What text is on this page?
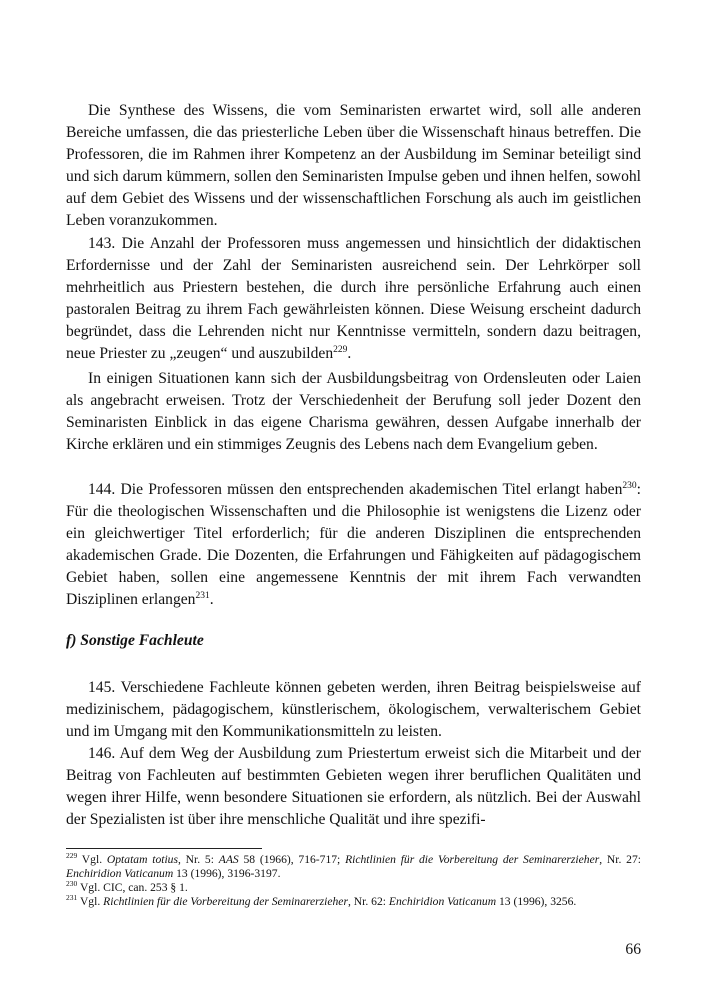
Die Synthese des Wissens, die vom Seminaristen erwartet wird, soll alle anderen Bereiche umfassen, die das priesterliche Leben über die Wissenschaft hinaus betreffen. Die Professoren, die im Rahmen ihrer Kompetenz an der Ausbildung im Seminar beteiligt sind und sich darum kümmern, sollen den Seminaristen Impulse geben und ihnen helfen, sowohl auf dem Gebiet des Wissens und der wissenschaftlichen Forschung als auch im geistlichen Leben voranzukommen.

143. Die Anzahl der Professoren muss angemessen und hinsichtlich der didaktischen Erfordernisse und der Zahl der Seminaristen ausreichend sein. Der Lehrkörper soll mehrheitlich aus Priestern bestehen, die durch ihre persönliche Erfahrung auch einen pastoralen Beitrag zu ihrem Fach gewährleisten können. Diese Weisung erscheint dadurch begründet, dass die Lehrenden nicht nur Kenntnisse vermitteln, sondern dazu beitragen, neue Priester zu „zeugen“ und auszubilden$^{229}$.

In einigen Situationen kann sich der Ausbildungsbeitrag von Ordensleuten oder Laien als angebracht erweisen. Trotz der Verschiedenheit der Berufung soll jeder Dozent den Seminaristen Einblick in das eigene Charisma gewähren, dessen Aufgabe innerhalb der Kirche erklären und ein stimmiges Zeugnis des Lebens nach dem Evangelium geben.

144. Die Professoren müssen den entsprechenden akademischen Titel erlangt haben$^{230}$: Für die theologischen Wissenschaften und die Philosophie ist wenigstens die Lizenz oder ein gleichwertiger Titel erforderlich; für die anderen Disziplinen die entsprechenden akademischen Grade. Die Dozenten, die Erfahrungen und Fähigkeiten auf pädagogischem Gebiet haben, sollen eine angemessene Kenntnis der mit ihrem Fach verwandten Disziplinen erlangen$^{231}$.

f) Sonstige Fachleute

145. Verschiedene Fachleute können gebeten werden, ihren Beitrag beispielsweise auf medizinischem, pädagogischem, künstlerischem, ökologischem, verwalterischem Gebiet und im Umgang mit den Kommunikationsmitteln zu leisten.

146. Auf dem Weg der Ausbildung zum Priestertum erweist sich die Mitarbeit und der Beitrag von Fachleuten auf bestimmten Gebieten wegen ihrer beruflichen Qualitäten und wegen ihrer Hilfe, wenn besondere Situationen sie erfordern, als nützlich. Bei der Auswahl der Spezialisten ist über ihre menschliche Qualität und ihre spezifi-

$^{229}$ Vgl. Optatam totius, Nr. 5: AAS 58 (1966), 716-717; Richtlinien für die Vorbereitung der Seminarerzieher, Nr. 27: Enchiridion Vaticanum 13 (1996), 3196-3197.

$^{230}$ Vgl. CIC, can. 253 § 1.

$^{231}$ Vgl. Richtlinien für die Vorbereitung der Seminarerzieher, Nr. 62: Enchiridion Vaticanum 13 (1996), 3256.

66
